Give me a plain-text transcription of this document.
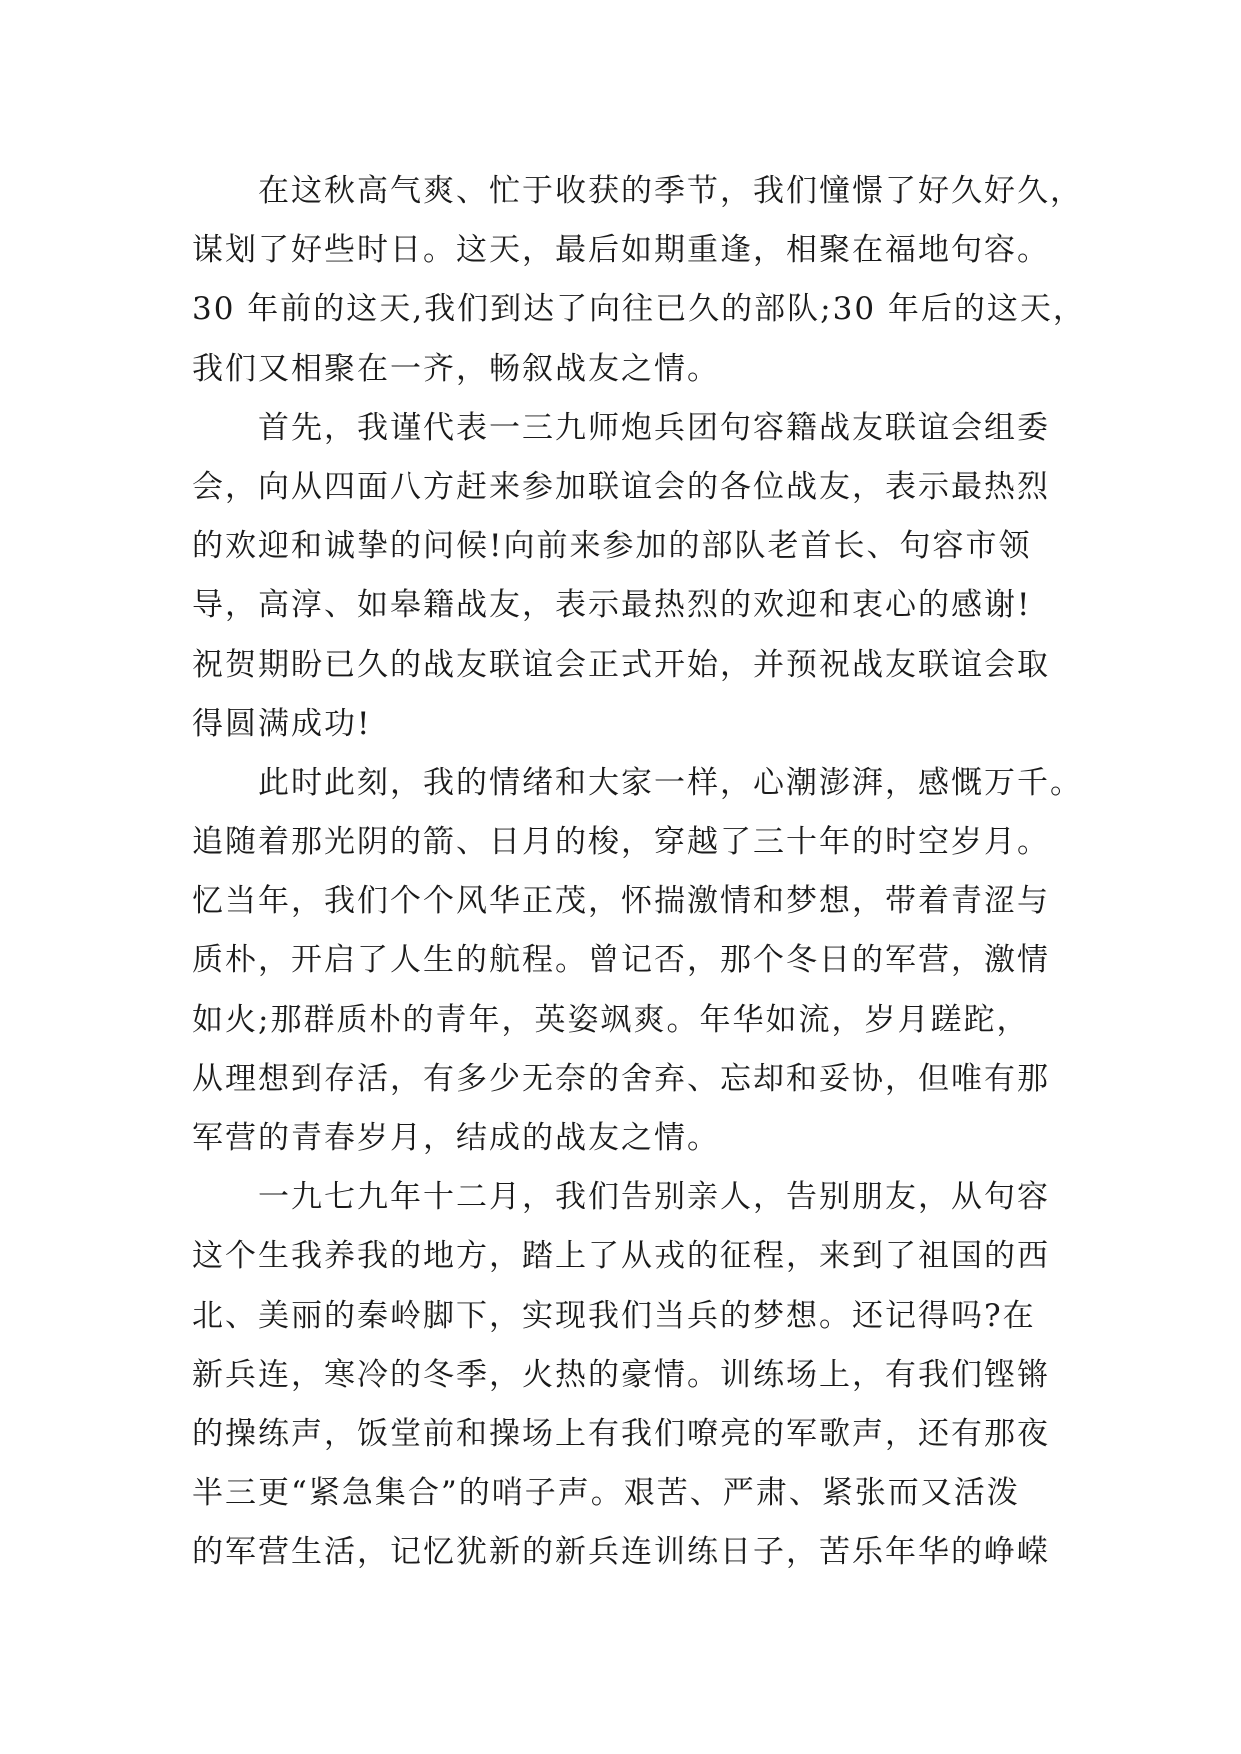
在这秋高气爽、忙于收获的季节，我们憧憬了好久好久，
谋划了好些时日。这天，最后如期重逢，相聚在福地句容。
30 年前的这天,我们到达了向往已久的部队;30 年后的这天，
我们又相聚在一齐，畅叙战友之情。
首先，我谨代表一三九师炮兵团句容籍战友联谊会组委
会，向从四面八方赶来参加联谊会的各位战友，表示最热烈
的欢迎和诚挚的问候!向前来参加的部队老首长、句容市领
导，高淳、如皋籍战友，表示最热烈的欢迎和衷心的感谢!
祝贺期盼已久的战友联谊会正式开始，并预祝战友联谊会取
得圆满成功!
此时此刻，我的情绪和大家一样，心潮澎湃，感慨万千。
追随着那光阴的箭、日月的梭，穿越了三十年的时空岁月。
忆当年，我们个个风华正茂，怀揣激情和梦想，带着青涩与
质朴，开启了人生的航程。曾记否，那个冬日的军营，激情
如火;那群质朴的青年，英姿飒爽。年华如流，岁月蹉跎，
从理想到存活，有多少无奈的舍弃、忘却和妥协，但唯有那
军营的青春岁月，结成的战友之情。
一九七九年十二月，我们告别亲人，告别朋友，从句容
这个生我养我的地方，踏上了从戎的征程，来到了祖国的西
北、美丽的秦岭脚下，实现我们当兵的梦想。还记得吗?在
新兵连，寒冷的冬季，火热的豪情。训练场上，有我们铿锵
的操练声，饭堂前和操场上有我们嘹亮的军歌声，还有那夜
半三更“紧急集合”的哨子声。艰苦、严肃、紧张而又活泼
的军营生活，记忆犹新的新兵连训练日子，苦乐年华的峥嵘
